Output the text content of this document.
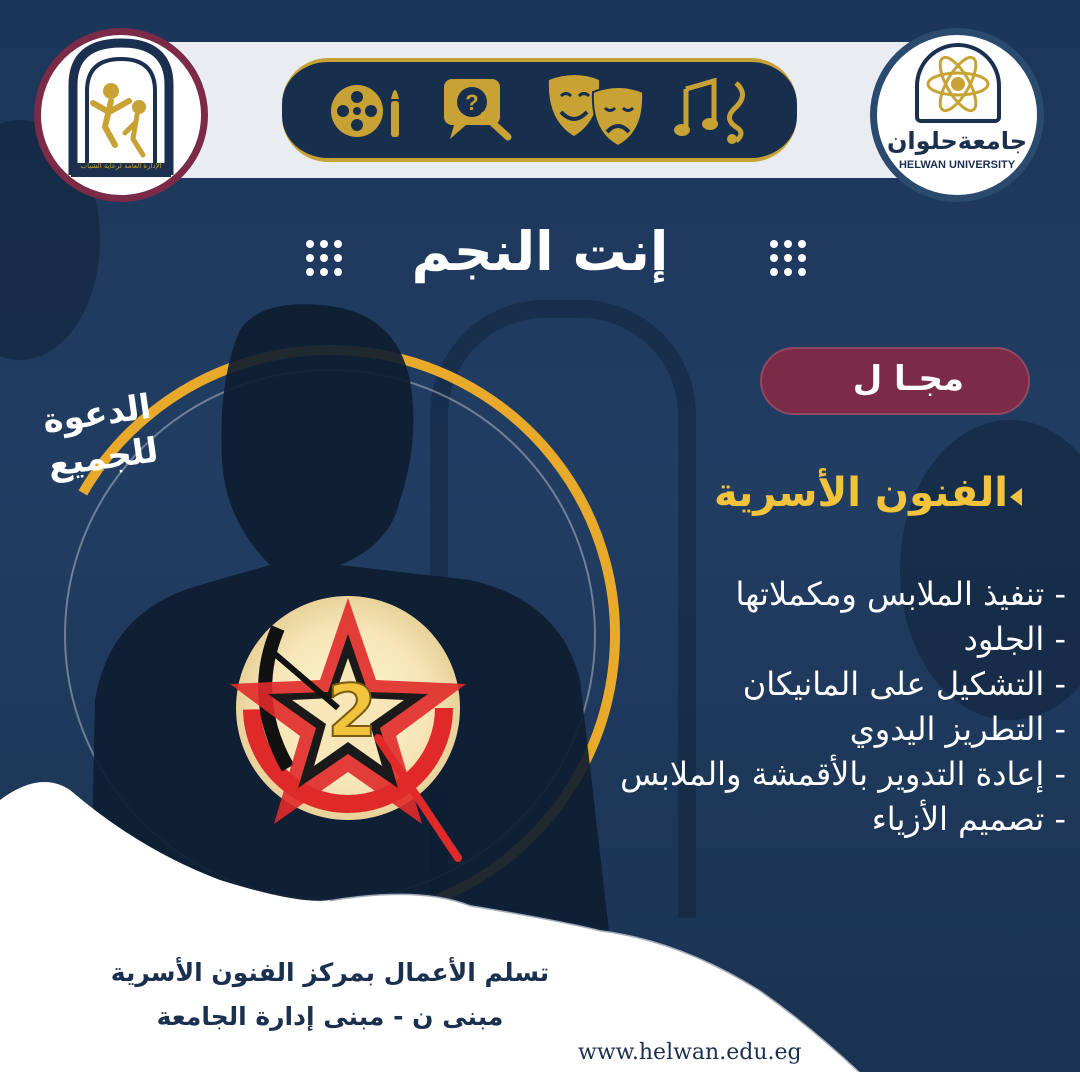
?
الإدارة العامة لرعاية الشباب
جامعةحلوان
HELWAN UNIVERSITY
إنت النجم
2
الدعوة
للجميع
مجـا ل
الفنون الأسرية
- تنفيذ الملابس ومكملاتها
- الجلود
- التشكيل على المانيكان
- التطريز اليدوي
- إعادة التدوير بالأقمشة والملابس
- تصميم الأزياء
تسلم الأعمال بمركز الفنون الأسرية
مبنى ن - مبنى إدارة الجامعة
www.helwan.edu.eg
